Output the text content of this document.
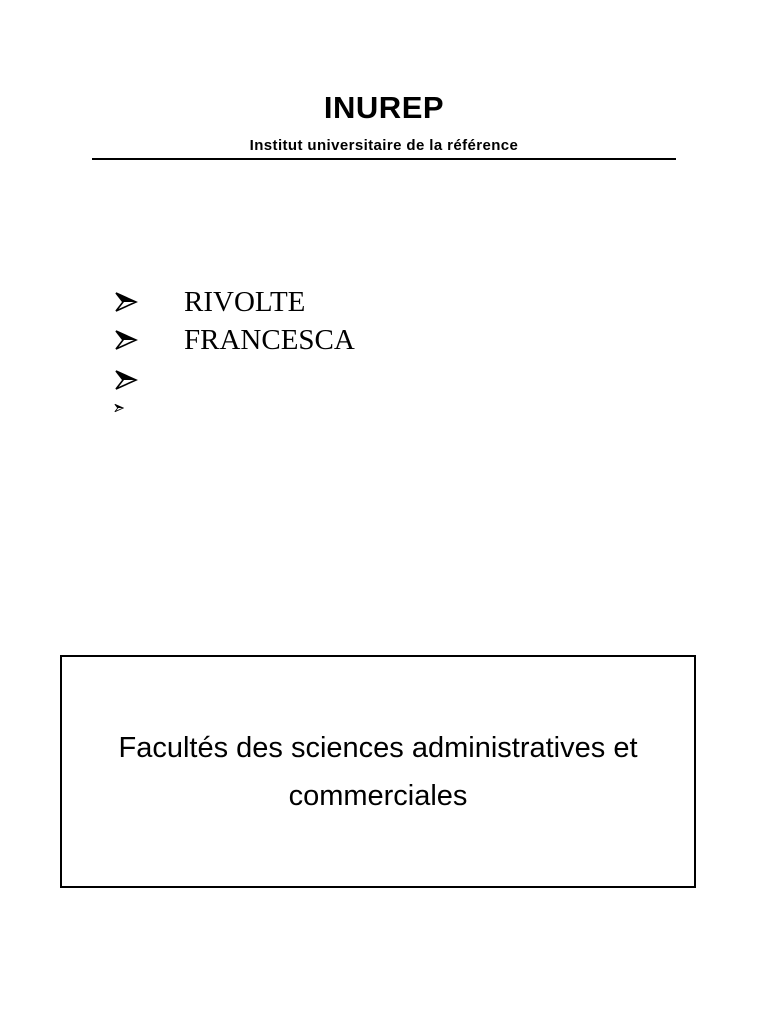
INUREP
Institut universitaire de la référence
RIVOLTE
FRANCESCA
Facultés des sciences administratives et commerciales
